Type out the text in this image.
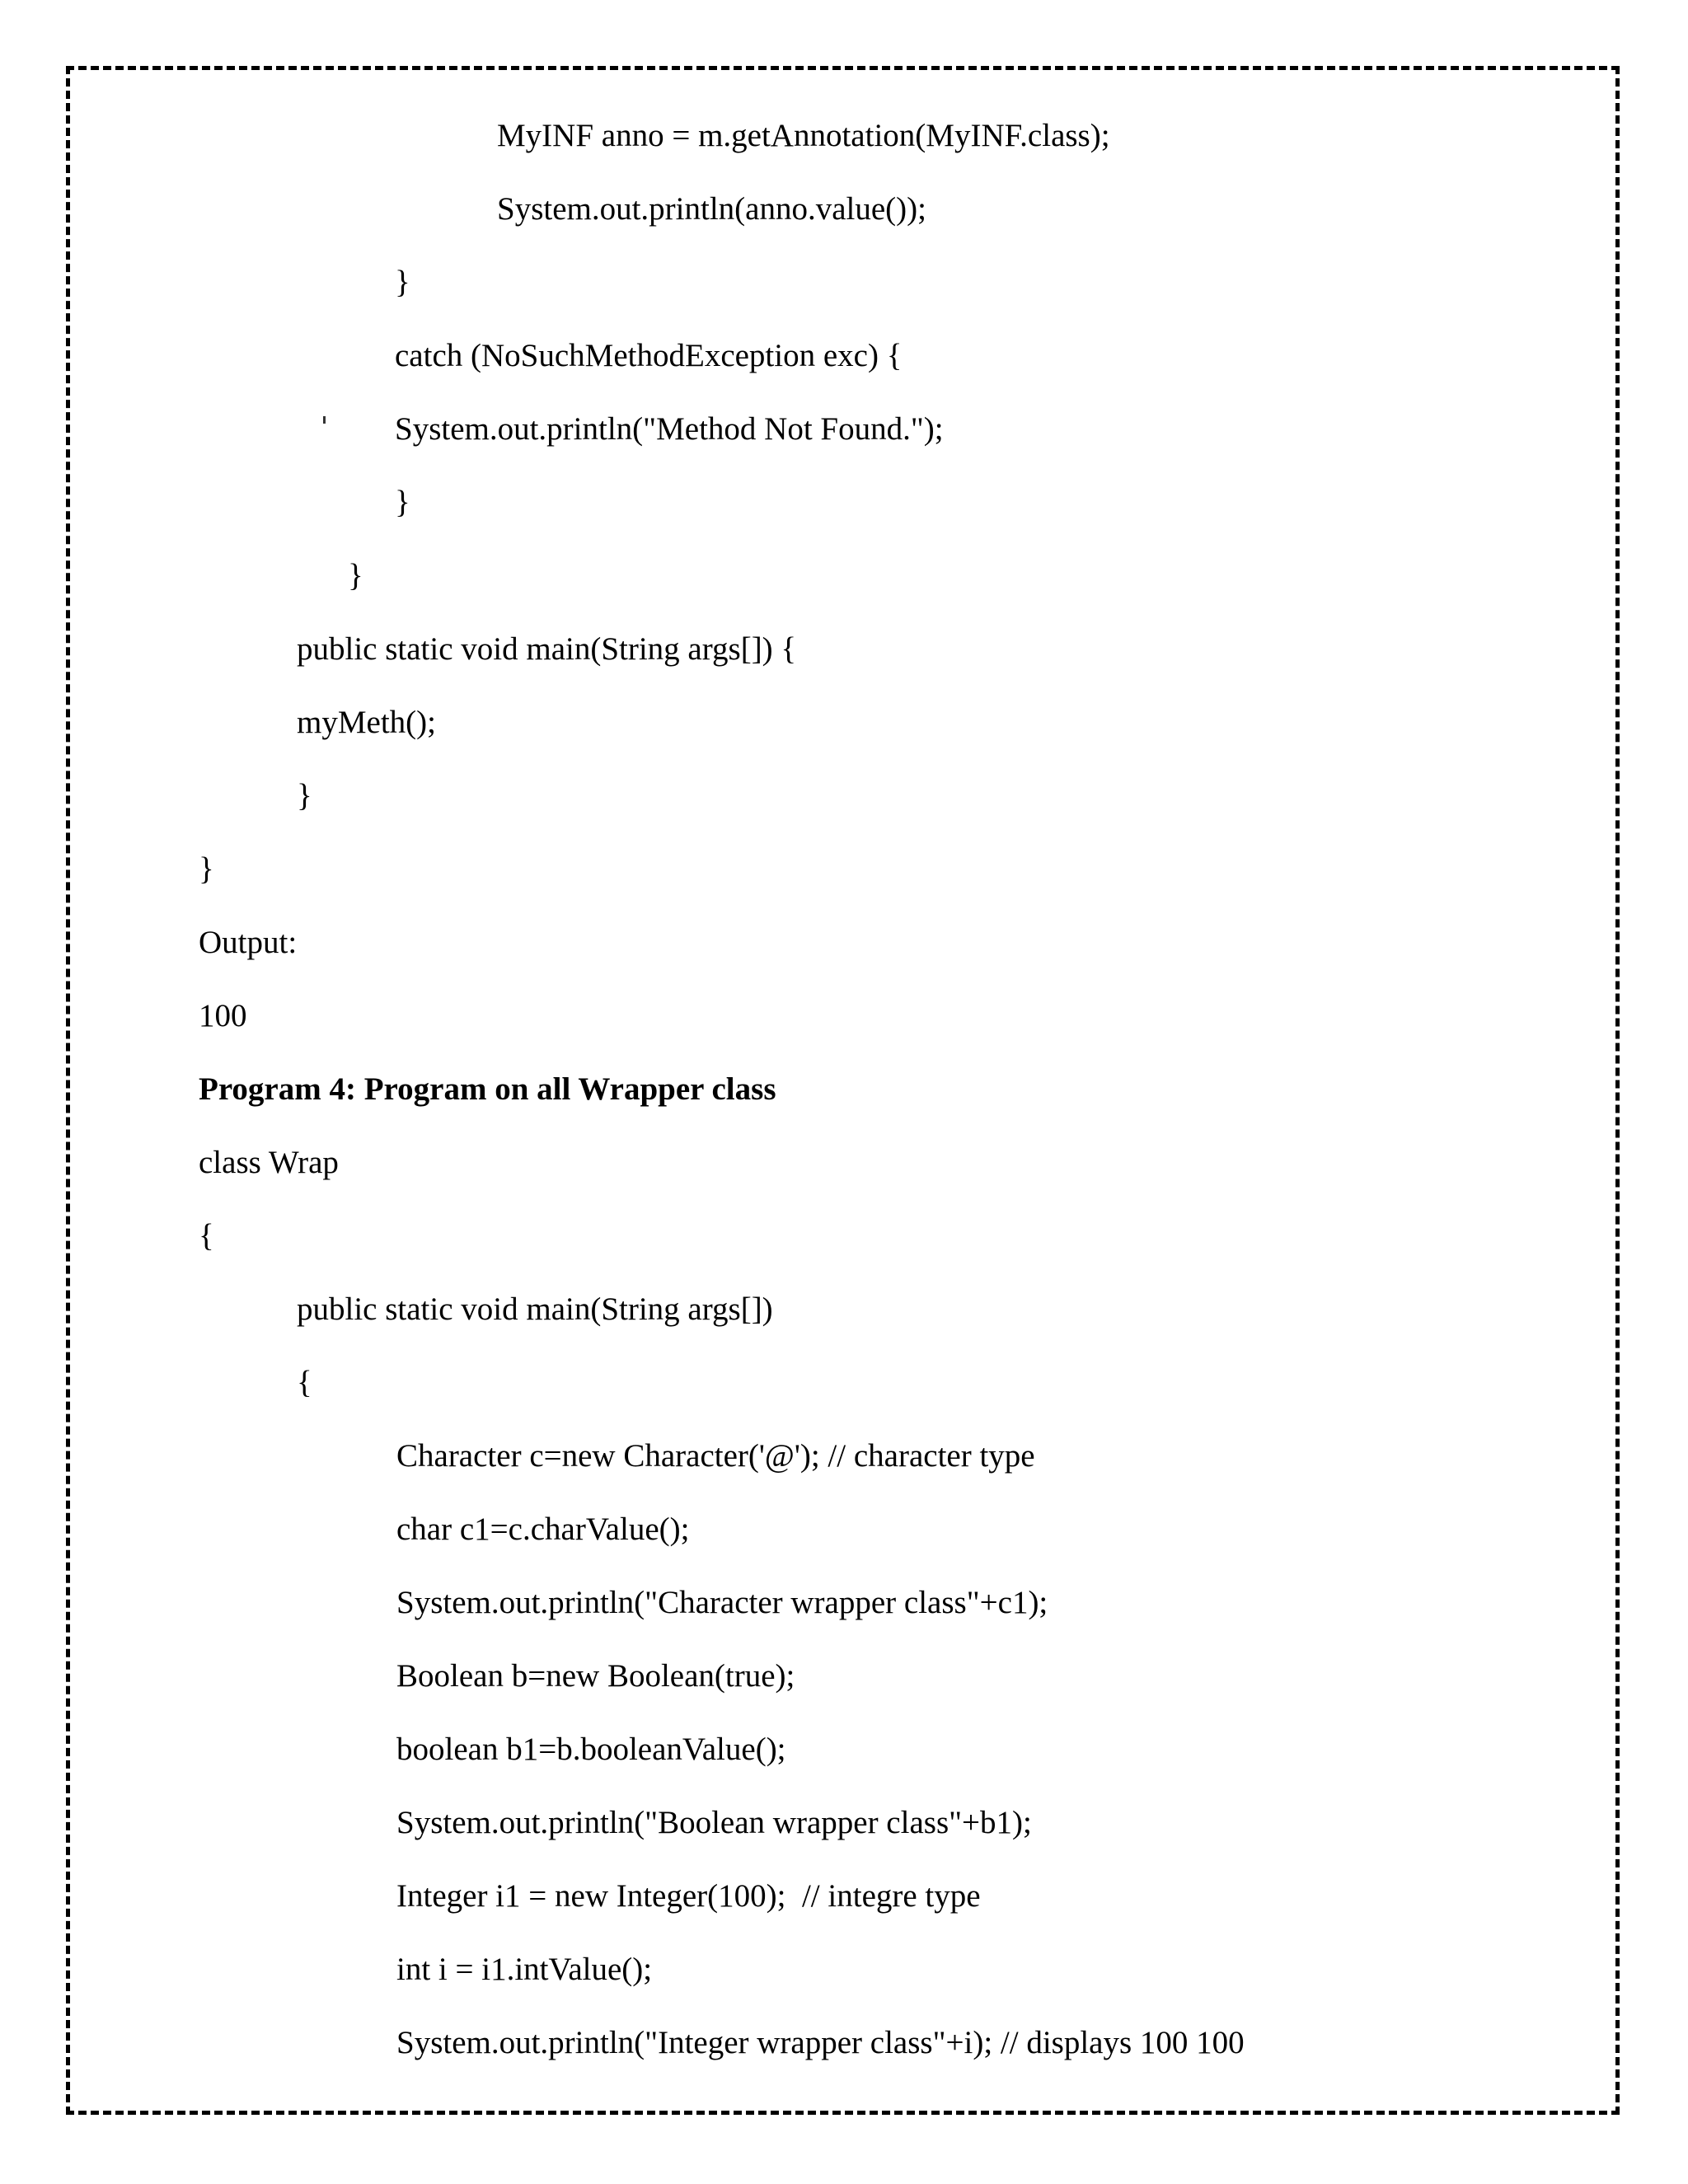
MyINF anno = m.getAnnotation(MyINF.class);

System.out.println(anno.value());

}

catch (NoSuchMethodException exc) {

System.out.println("Method Not Found.");

}

}

public static void main(String args[]) {

myMeth();

}

}

Output:

100

Program 4: Program on all Wrapper class

class Wrap

{

public static void main(String args[])

{

Character c=new Character('@'); // character type

char c1=c.charValue();

System.out.println("Character wrapper class"+c1);

Boolean b=new Boolean(true);

boolean b1=b.booleanValue();

System.out.println("Boolean wrapper class"+b1);

Integer i1 = new Integer(100);  // integre type

int i = i1.intValue();

System.out.println("Integer wrapper class"+i); // displays 100 100
